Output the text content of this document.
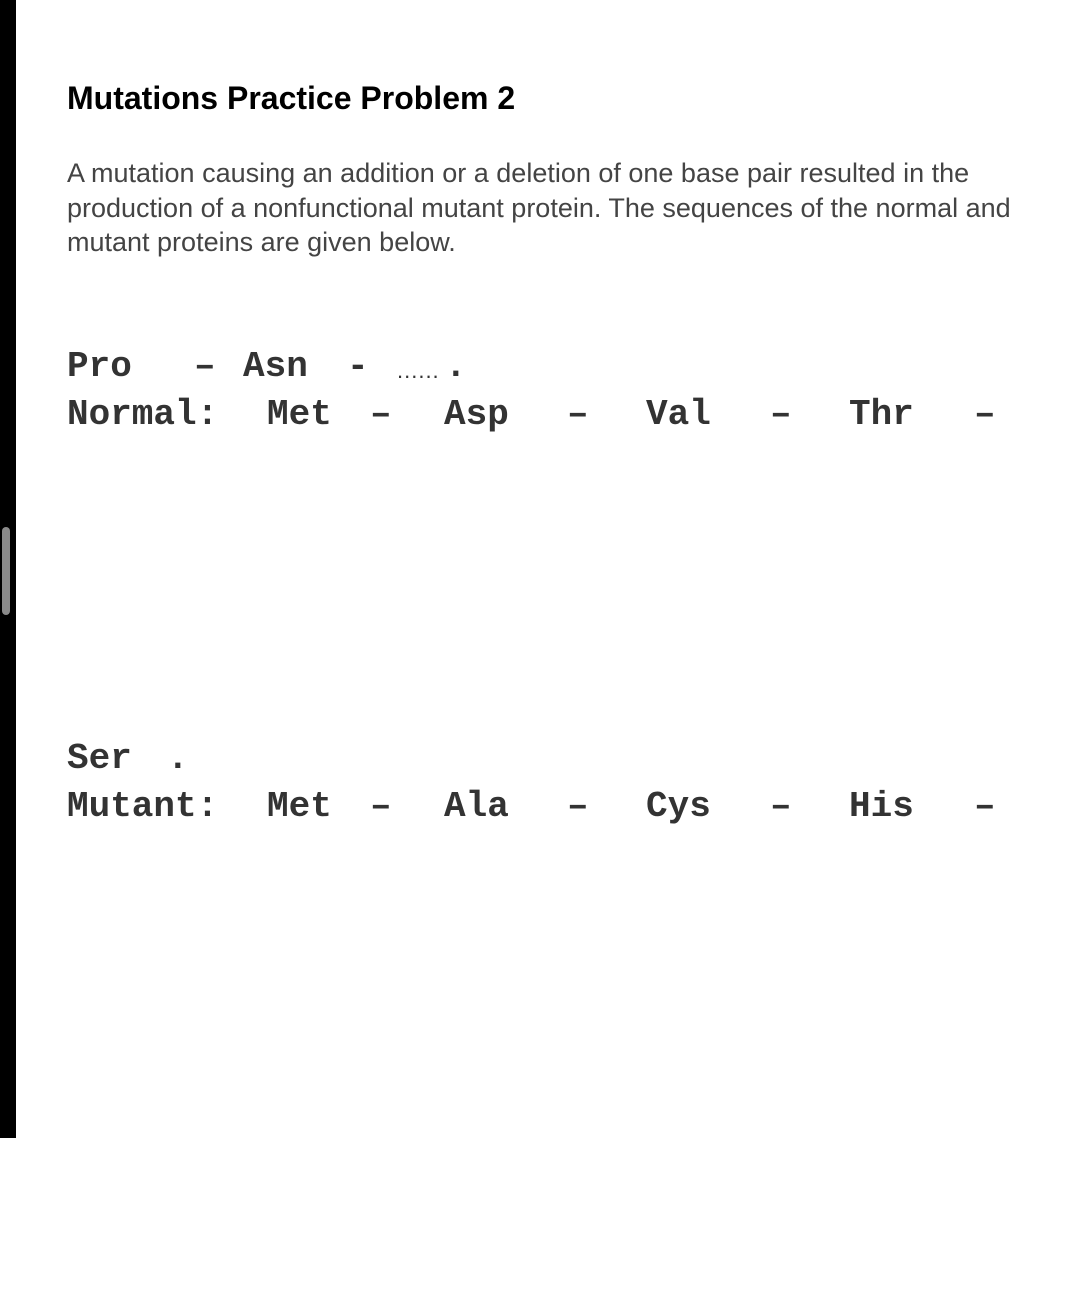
Mutations Practice Problem 2

A mutation causing an addition or a deletion of one base pair resulted in the production of a nonfunctional mutant protein. The sequences of the normal and mutant proteins are given below.

Normal:

Met

–

Asp

–

Val

–

Thr

–

Pro

–

Asn

-

......

.

Mutant:

Met

–

Ala

–

Cys

–

His

–

Ser

.
